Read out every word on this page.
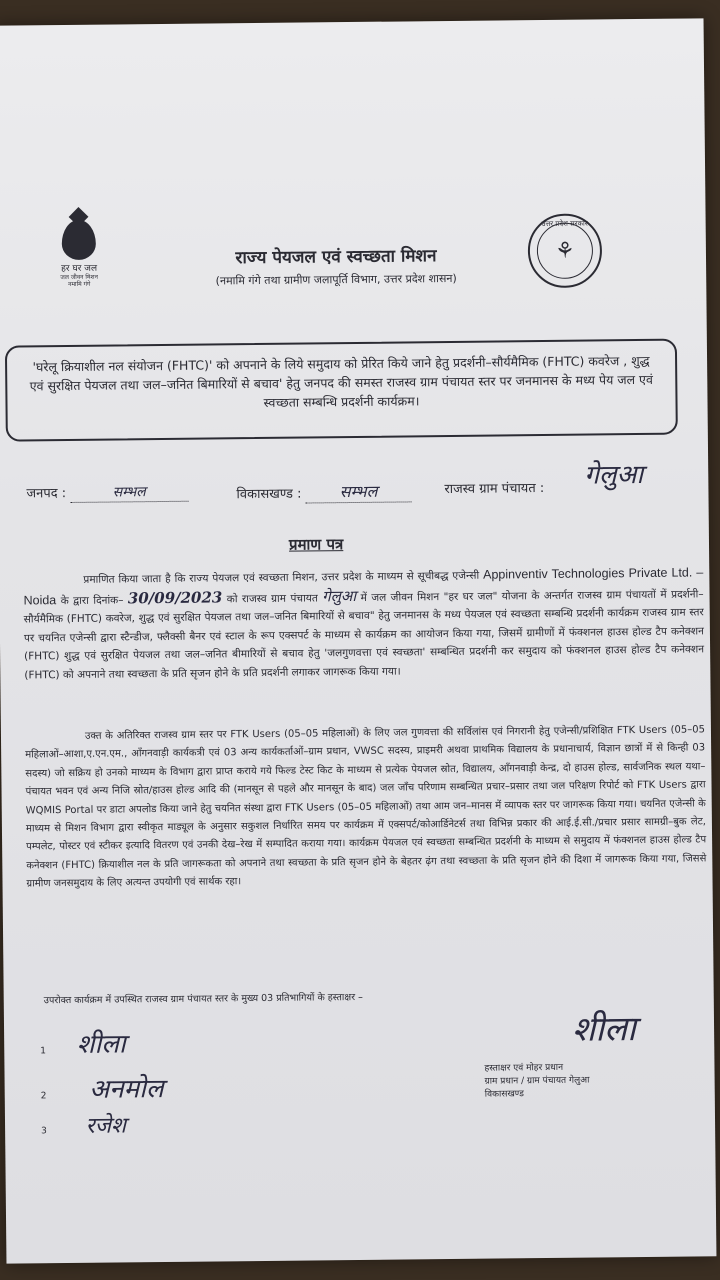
हर घर जल
जल जीवन मिशन
नमामि गंगे
राज्य पेयजल एवं स्वच्छता मिशन
(नमामि गंगे तथा ग्रामीण जलापूर्ति विभाग, उत्तर प्रदेश शासन)
उत्तर प्रदेश सरकार
⚘
'घरेलू क्रियाशील नल संयोजन (FHTC)' को अपनाने के लिये समुदाय को प्रेरित किये जाने हेतु प्रदर्शनी–सौर्यमैमिक (FHTC) कवरेज , शुद्ध एवं सुरक्षित पेयजल तथा जल–जनित बिमारियों से बचाव' हेतु जनपद की समस्त राजस्व ग्राम पंचायत स्तर पर जनमानस के मध्य पेय जल एवं स्वच्छता सम्बन्धि प्रदर्शनी कार्यक्रम।
जनपद :	सम्भल	विकासखण्ड : सम्भल	राजस्व ग्राम पंचायत : गेलुआ
प्रमाण पत्र
प्रमाणित किया जाता है कि राज्य पेयजल एवं स्वच्छता मिशन, उत्तर प्रदेश के माध्यम से सूचीबद्ध एजेन्सी Appinventiv Technologies Private Ltd. – Noida के द्वारा दिनांक– 30/09/2023 को राजस्व ग्राम पंचायत गेलुआ में जल जीवन मिशन "हर घर जल" योजना के अन्तर्गत राजस्व ग्राम पंचायतों में प्रदर्शनी–सौर्यमैमिक (FHTC) कवरेज, शुद्ध एवं सुरक्षित पेयजल तथा जल–जनित बिमारियों से बचाव" हेतु जनमानस के मध्य पेयजल एवं स्वच्छता सम्बन्धि प्रदर्शनी कार्यक्रम राजस्व ग्राम स्तर पर चयनित एजेन्सी द्वारा स्टैन्डीज, फ्लैक्सी बैनर एवं स्टाल के रूप एक्सपर्ट के माध्यम से कार्यक्रम का आयोजन किया गया, जिसमें ग्रामीणों में फंक्शनल हाउस होल्ड टैप कनेक्शन (FHTC) शुद्ध एवं सुरक्षित पेयजल तथा जल–जनित बीमारियों से बचाव हेतु 'जलगुणवत्ता एवं स्वच्छता' सम्बन्धित प्रदर्शनी कर समुदाय को फंक्शनल हाउस होल्ड टैप कनेक्शन (FHTC) को अपनाने तथा स्वच्छता के प्रति सृजन होने के प्रति प्रदर्शनी लगाकर जागरूक किया गया।
उक्त के अतिरिक्त राजस्व ग्राम स्तर पर FTK Users (05–05 महिलाओं) के लिए जल गुणवत्ता की सर्विलांस एवं निगरानी हेतु एजेन्सी/प्रशिक्षित FTK Users (05–05 महिलाओं–आशा,ए.एन.एम., आँगनवाड़ी कार्यकत्री एवं 03 अन्य कार्यकर्ताओं–ग्राम प्रधान, VWSC सदस्य, प्राइमरी अथवा प्राथमिक विद्यालय के प्रधानाचार्य, विज्ञान छात्रों में से किन्ही 03 सदस्य) जो सक्रिय हो उनको माध्यम के विभाग द्वारा प्राप्त कराये गये फिल्ड टेस्ट किट के माध्यम से प्रत्येक पेयजल स्रोत, विद्यालय, आँगनवाड़ी केन्द्र, दो हाउस होल्ड, सार्वजनिक स्थल यथा–पंचायत भवन एवं अन्य निजि स्रोत/हाउस होल्ड आदि की (मानसून से पहले और मानसून के बाद) जल जाँच परिणाम सम्बन्धित प्रचार–प्रसार तथा जल परिक्षण रिपोर्ट को FTK Users द्वारा WQMIS Portal पर डाटा अपलोड किया जाने हेतु चयनित संस्था द्वारा FTK Users (05–05 महिलाओं) तथा आम जन–मानस में व्यापक स्तर पर जागरूक किया गया। चयनित एजेन्सी के माध्यम से मिशन विभाग द्वारा स्वीकृत माड्यूल के अनुसार सकुशल निर्धारित समय पर कार्यक्रम में एक्सपर्ट/कोआर्डिनेटर्स तथा विभिन्न प्रकार की आई.ई.सी./प्रचार प्रसार सामग्री–बुक लेट, पम्पलेट, पोस्टर एवं स्टीकर इत्यादि वितरण एवं उनकी देख–रेख में सम्पादित कराया गया। कार्यक्रम पेयजल एवं स्वच्छता सम्बन्धित प्रदर्शनी के माध्यम से समुदाय में फंक्शनल हाउस होल्ड टैप कनेक्शन (FHTC) क्रियाशील नल के प्रति जागरूकता को अपनाने तथा स्वच्छता के प्रति सृजन होने के बेहतर ढ़ंग तथा स्वच्छता के प्रति सृजन होने की दिशा में जागरूक किया गया, जिससे ग्रामीण जनसमुदाय के लिए अत्यन्त उपयोगी एवं सार्थक रहा।
उपरोक्त कार्यक्रम में उपस्थित राजस्व ग्राम पंचायत स्तर के मुख्य 03 प्रतिभागियों के हस्ताक्षर –
1 शीला
2 अनमोल
3 रजेश
शीला
हस्ताक्षर एवं मोहर प्रधान
ग्राम प्रधान / ग्राम पंचायत गेलुआ
विकासखण्ड
